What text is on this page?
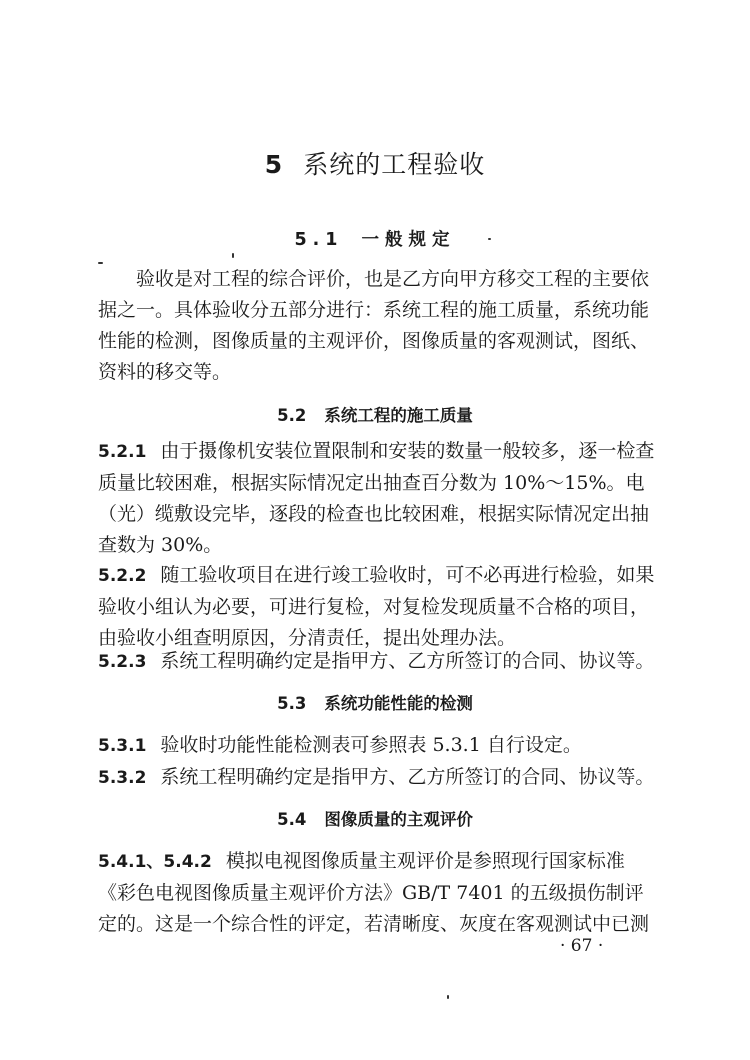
5 系统的工程验收
5.1 一般规定
验收是对工程的综合评价，也是乙方向甲方移交工程的主要依据之一。具体验收分五部分进行：系统工程的施工质量，系统功能性能的检测，图像质量的主观评价，图像质量的客观测试，图纸、资料的移交等。
5.2 系统工程的施工质量
5.2.1 由于摄像机安装位置限制和安装的数量一般较多，逐一检查质量比较困难，根据实际情况定出抽查百分数为 10%～15%。电（光）缆敷设完毕，逐段的检查也比较困难，根据实际情况定出抽查数为 30%。
5.2.2 随工验收项目在进行竣工验收时，可不必再进行检验，如果验收小组认为必要，可进行复检，对复检发现质量不合格的项目，由验收小组查明原因，分清责任，提出处理办法。
5.2.3 系统工程明确约定是指甲方、乙方所签订的合同、协议等。
5.3 系统功能性能的检测
5.3.1 验收时功能性能检测表可参照表 5.3.1 自行设定。
5.3.2 系统工程明确约定是指甲方、乙方所签订的合同、协议等。
5.4 图像质量的主观评价
5.4.1、5.4.2 模拟电视图像质量主观评价是参照现行国家标准《彩色电视图像质量主观评价方法》GB/T 7401 的五级损伤制评定的。这是一个综合性的评定，若清晰度、灰度在客观测试中已测
· 67 ·
